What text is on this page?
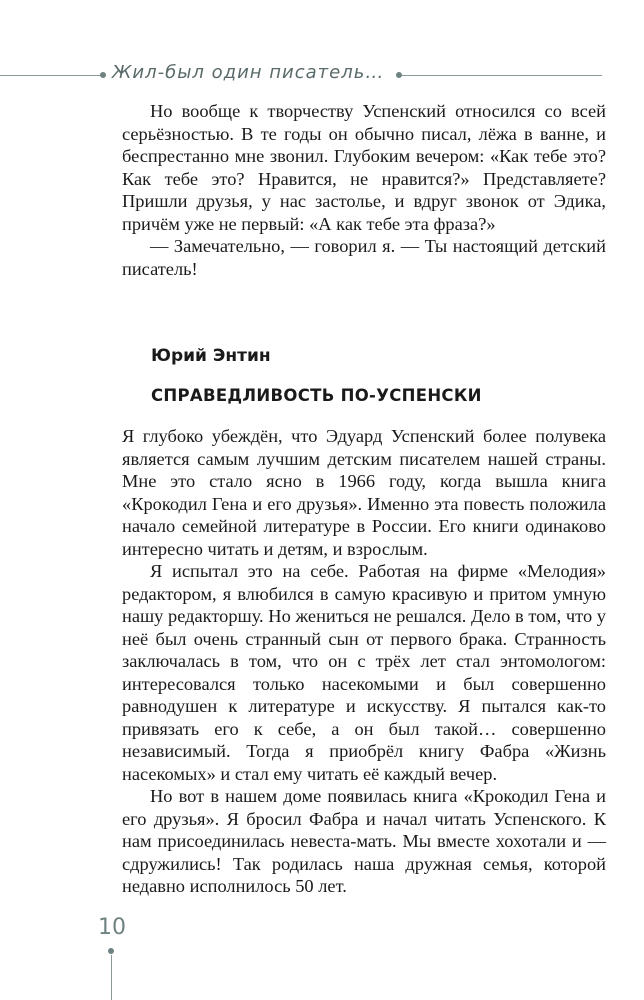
Жил-был один писатель…

Но вообще к творчеству Успенский относился со всей серьёзностью. В те годы он обычно писал, лёжа в ванне, и беспрестанно мне звонил. Глубоким вечером: «Как тебе это? Как тебе это? Нравится, не нравится?» Представляете? Пришли друзья, у нас застолье, и вдруг звонок от Эдика, причём уже не первый: «А как тебе эта фраза?»

— Замечательно, — говорил я. — Ты настоящий детский писатель!

Юрий Энтин
СПРАВЕДЛИВОСТЬ ПО-УСПЕНСКИ

Я глубоко убеждён, что Эдуард Успенский более полувека является самым лучшим детским писателем нашей страны. Мне это стало ясно в 1966 году, когда вышла книга «Крокодил Гена и его друзья». Именно эта повесть положила начало семейной литературе в России. Его книги одинаково интересно читать и детям, и взрослым.

Я испытал это на себе. Работая на фирме «Мелодия» редактором, я влюбился в самую красивую и притом умную нашу редакторшу. Но жениться не решался. Дело в том, что у неё был очень странный сын от первого брака. Странность заключалась в том, что он с трёх лет стал энтомологом: интересовался только насекомыми и был совершенно равнодушен к литературе и искусству. Я пытался как-то привязать его к себе, а он был такой… совершенно независимый. Тогда я приобрёл книгу Фабра «Жизнь насекомых» и стал ему читать её каждый вечер.

Но вот в нашем доме появилась книга «Крокодил Гена и его друзья». Я бросил Фабра и начал читать Успенского. К нам присоединилась невеста-мать. Мы вместе хохотали и — сдружились! Так родилась наша дружная семья, которой недавно исполнилось 50 лет.

10
